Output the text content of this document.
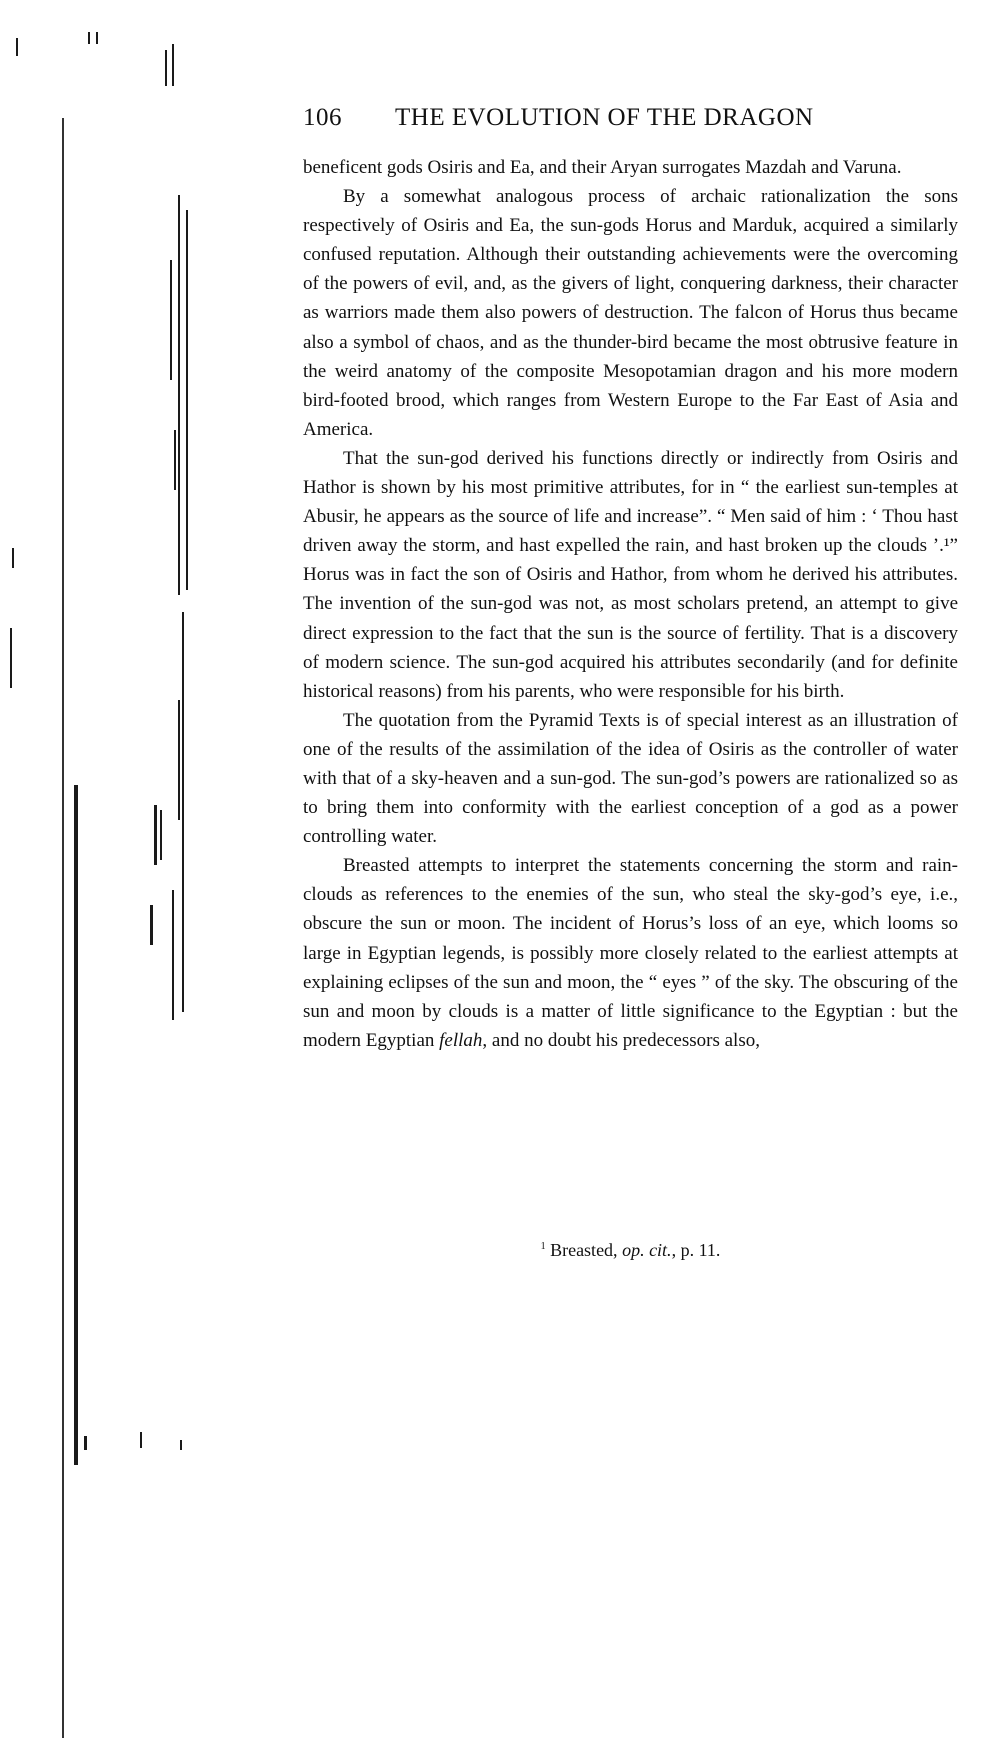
106 THE EVOLUTION OF THE DRAGON

beneficent gods Osiris and Ea, and their Aryan surrogates Mazdah and Varuna.

By a somewhat analogous process of archaic rationalization the sons respectively of Osiris and Ea, the sun-gods Horus and Marduk, acquired a similarly confused reputation. Although their outstanding achievements were the overcoming of the powers of evil, and, as the givers of light, conquering darkness, their character as warriors made them also powers of destruction. The falcon of Horus thus became also a symbol of chaos, and as the thunder-bird became the most obtrusive feature in the weird anatomy of the composite Mesopotamian dragon and his more modern bird-footed brood, which ranges from Western Europe to the Far East of Asia and America.

That the sun-god derived his functions directly or indirectly from Osiris and Hathor is shown by his most primitive attributes, for in “ the earliest sun-temples at Abusir, he appears as the source of life and increase”. “ Men said of him : ‘ Thou hast driven away the storm, and hast expelled the rain, and hast broken up the clouds ’.¹” Horus was in fact the son of Osiris and Hathor, from whom he derived his attributes. The invention of the sun-god was not, as most scholars pretend, an attempt to give direct expression to the fact that the sun is the source of fertility. That is a discovery of modern science. The sun-god acquired his attributes secondarily (and for definite historical reasons) from his parents, who were responsible for his birth.

The quotation from the Pyramid Texts is of special interest as an illustration of one of the results of the assimilation of the idea of Osiris as the controller of water with that of a sky-heaven and a sun-god. The sun-god’s powers are rationalized so as to bring them into conformity with the earliest conception of a god as a power controlling water.

Breasted attempts to interpret the statements concerning the storm and rain-clouds as references to the enemies of the sun, who steal the sky-god’s eye, i.e., obscure the sun or moon. The incident of Horus’s loss of an eye, which looms so large in Egyptian legends, is possibly more closely related to the earliest attempts at explaining eclipses of the sun and moon, the “ eyes ” of the sky. The obscuring of the sun and moon by clouds is a matter of little significance to the Egyptian : but the modern Egyptian fellah, and no doubt his predecessors also,

$^1$ Breasted, op. cit., p. 11.
